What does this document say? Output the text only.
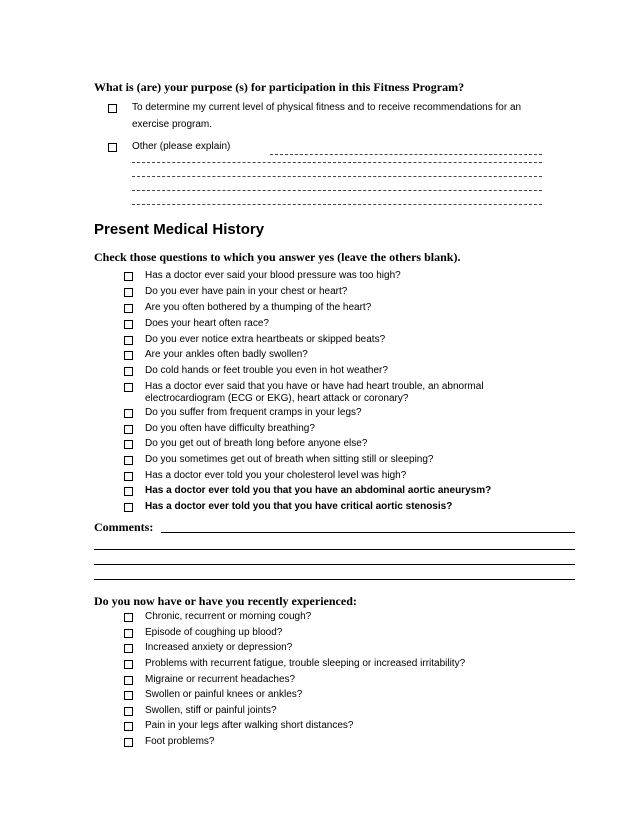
What is (are) your purpose (s) for participation in this Fitness Program?
To determine my current level of physical fitness and to receive recommendations for an
exercise program.
Other (please explain)
Present Medical History
Check those questions to which you answer yes (leave the others blank).
Has a doctor ever said your blood pressure was too high?
Do you ever have pain in your chest or heart?
Are you often bothered by a thumping of the heart?
Does your heart often race?
Do you ever notice extra heartbeats or skipped beats?
Are your ankles often badly swollen?
Do cold hands or feet trouble you even in hot weather?
Has a doctor ever said that you have or have had heart trouble, an abnormal
electrocardiogram (ECG or EKG), heart attack or coronary?
Do you suffer from frequent cramps in your legs?
Do you often have difficulty breathing?
Do you get out of breath long before anyone else?
Do you sometimes get out of breath when sitting still or sleeping?
Has a doctor ever told you your cholesterol level was high?
Has a doctor ever told you that you have an abdominal aortic aneurysm?
Has a doctor ever told you that you have critical aortic stenosis?
Comments:
Do you now have or have you recently experienced:
Chronic, recurrent or morning cough?
Episode of coughing up blood?
Increased anxiety or depression?
Problems with recurrent fatigue, trouble sleeping or increased irritability?
Migraine or recurrent headaches?
Swollen or painful knees or ankles?
Swollen, stiff or painful joints?
Pain in your legs after walking short distances?
Foot problems?
